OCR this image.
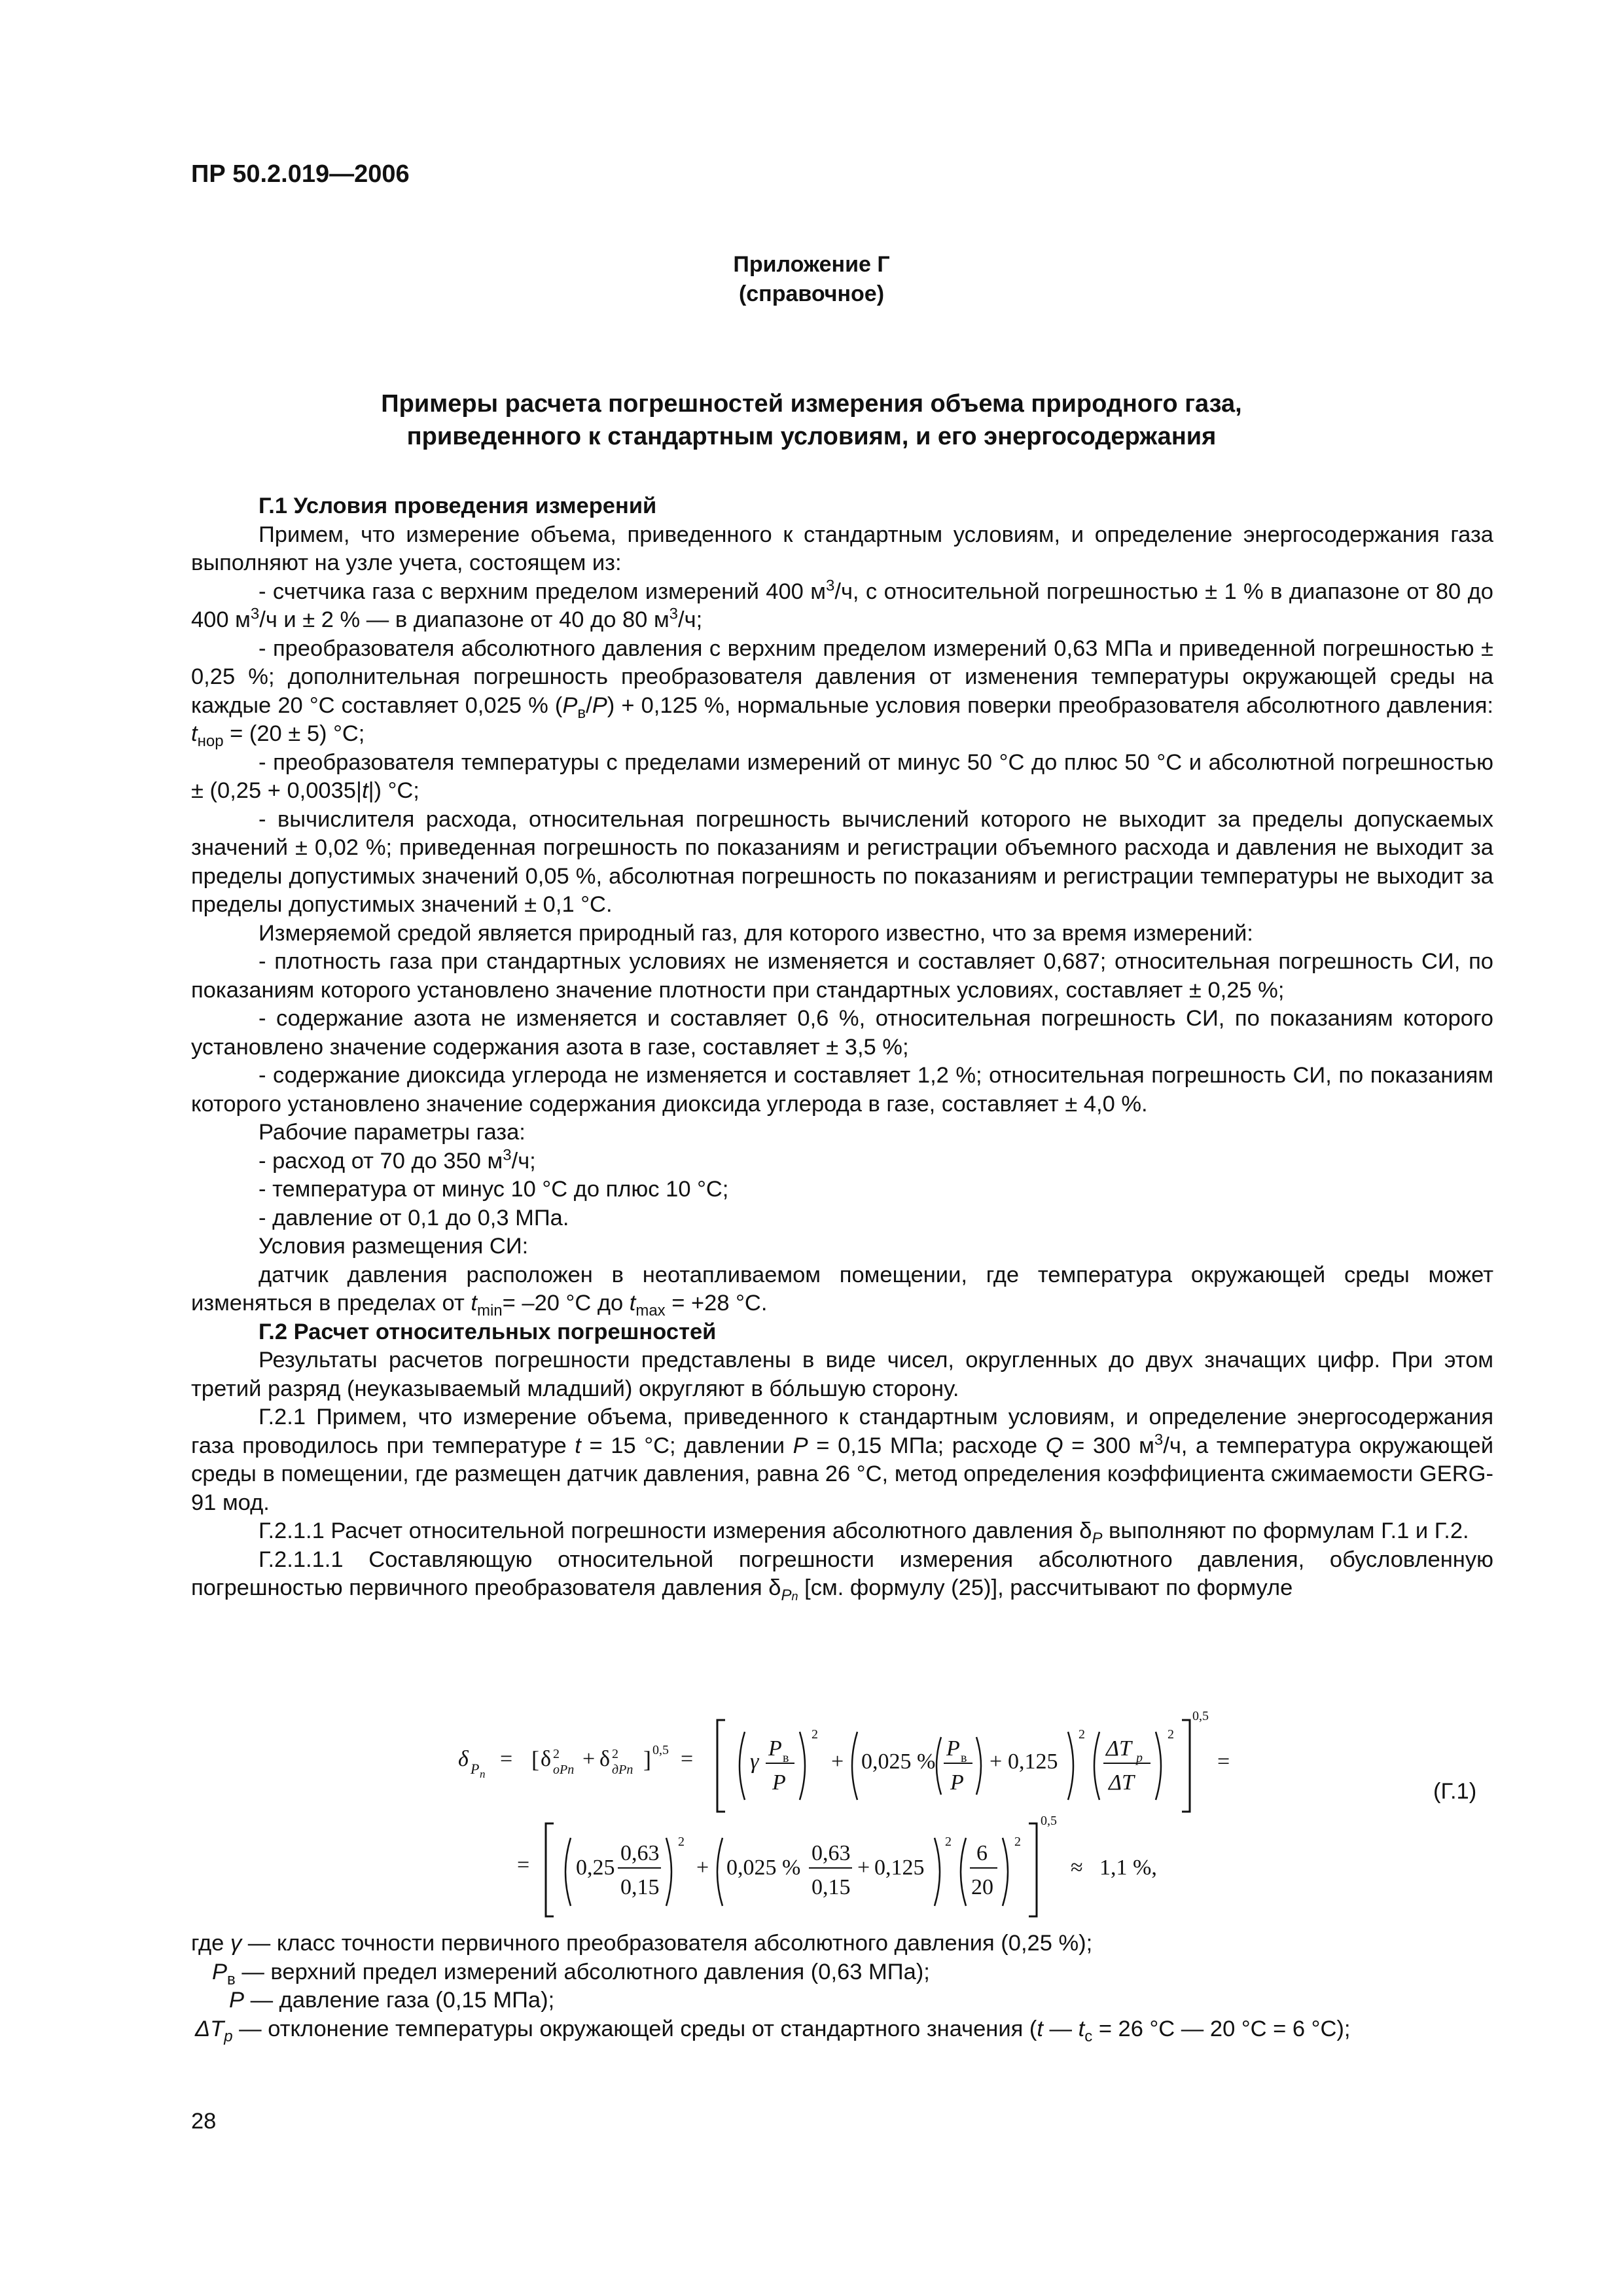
ПР 50.2.019—2006

Приложение Г

(справочное)

Примеры расчета погрешностей измерения объема природного газа,

приведенного к стандартным условиям, и его энергосодержания

Г.1 Условия проведения измерений

Примем, что измерение объема, приведенного к стандартным условиям, и определение энергосодержания газа выполняют на узле учета, состоящем из:

- счетчика газа с верхним пределом измерений 400 $м^3/ч$, с относительной погрешностью ± 1 % в диапазоне от 80 до 400 $м^3/ч$ и ± 2 % — в диапазоне от 40 до 80 $м^3/ч$;

- преобразователя абсолютного давления с верхним пределом измерений 0,63 МПа и приведенной погрешностью ± 0,25 %; дополнительная погрешность преобразователя давления от изменения температуры окружающей среды на каждые 20 °С составляет 0,025 % $(P_в/P) + 0,125$ %, нормальные условия поверки преобразователя абсолютного давления: $t_{нор} = (20 \pm 5)$ °С;

- преобразователя температуры с пределами измерений от минус 50 °С до плюс 50 °С и абсолютной погрешностью ± (0,25 + 0,0035|t|) °С;

- вычислителя расхода, относительная погрешность вычислений которого не выходит за пределы допускаемых значений ± 0,02 %; приведенная погрешность по показаниям и регистрации объемного расхода и давления не выходит за пределы допустимых значений 0,05 %, абсолютная погрешность по показаниям и регистрации температуры не выходит за пределы допустимых значений ± 0,1 °С.

Измеряемой средой является природный газ, для которого известно, что за время измерений:

- плотность газа при стандартных условиях не изменяется и составляет 0,687; относительная погрешность СИ, по показаниям которого установлено значение плотности при стандартных условиях, составляет ± 0,25 %;

- содержание азота не изменяется и составляет 0,6 %, относительная погрешность СИ, по показаниям которого установлено значение содержания азота в газе, составляет ± 3,5 %;

- содержание диоксида углерода не изменяется и составляет 1,2 %; относительная погрешность СИ, по показаниям которого установлено значение содержания диоксида углерода в газе, составляет ± 4,0 %.

Рабочие параметры газа:

- расход от 70 до 350 $м^3/ч$;

- температура от минус 10 °С до плюс 10 °С;

- давление от 0,1 до 0,3 МПа.

Условия размещения СИ:

датчик давления расположен в неотапливаемом помещении, где температура окружающей среды может изменяться в пределах от $t_{min}= -20$ °С до $t_{max} = +28$ °С.

Г.2 Расчет относительных погрешностей

Результаты расчетов погрешности представлены в виде чисел, округленных до двух значащих цифр. При этом третий разряд (неуказываемый младший) округляют в бóльшую сторону.

Г.2.1 Примем, что измерение объема, приведенного к стандартным условиям, и определение энергосодержания газа проводилось при температуре t = 15 °С; давлении P = 0,15 МПа; расходе Q = 300 $м^3/ч$, а температура окружающей среды в помещении, где размещен датчик давления, равна 26 °С, метод определения коэффициента сжимаемости GERG-91 мод.

Г.2.1.1 Расчет относительной погрешности измерения абсолютного давления $\delta_P$ выполняют по формулам Г.1 и Г.2.

Г.2.1.1.1 Составляющую относительной погрешности измерения абсолютного давления, обусловленную погрешностью первичного преобразователя давления $\delta_{Pn}$ [см. формулу (25)], рассчитывают по формуле

δ P n
= [ δ 2
oPn + δ 2
дPn ] 0,5 =	γ
P в
P
2
+ 0,025 %
P в
P
+ 0,125
2
ΔT p
ΔT
2
0,5
=
= 0,25
0,63
0,15
2
+ 0,025 %
0,63
0,15
+ 0,125
2 6
20
2
0,5
≈ 1,1 %,

(Г.1)

где γ — класс точности первичного преобразователя абсолютного давления (0,25 %);

$P_в$ — верхний предел измерений абсолютного давления (0,63 МПа);

P — давление газа (0,15 МПа);

$\Delta T_p$ — отклонение температуры окружающей среды от стандартного значения (t — $t_c = 26$ °С — 20 °С = 6 °С);

28
